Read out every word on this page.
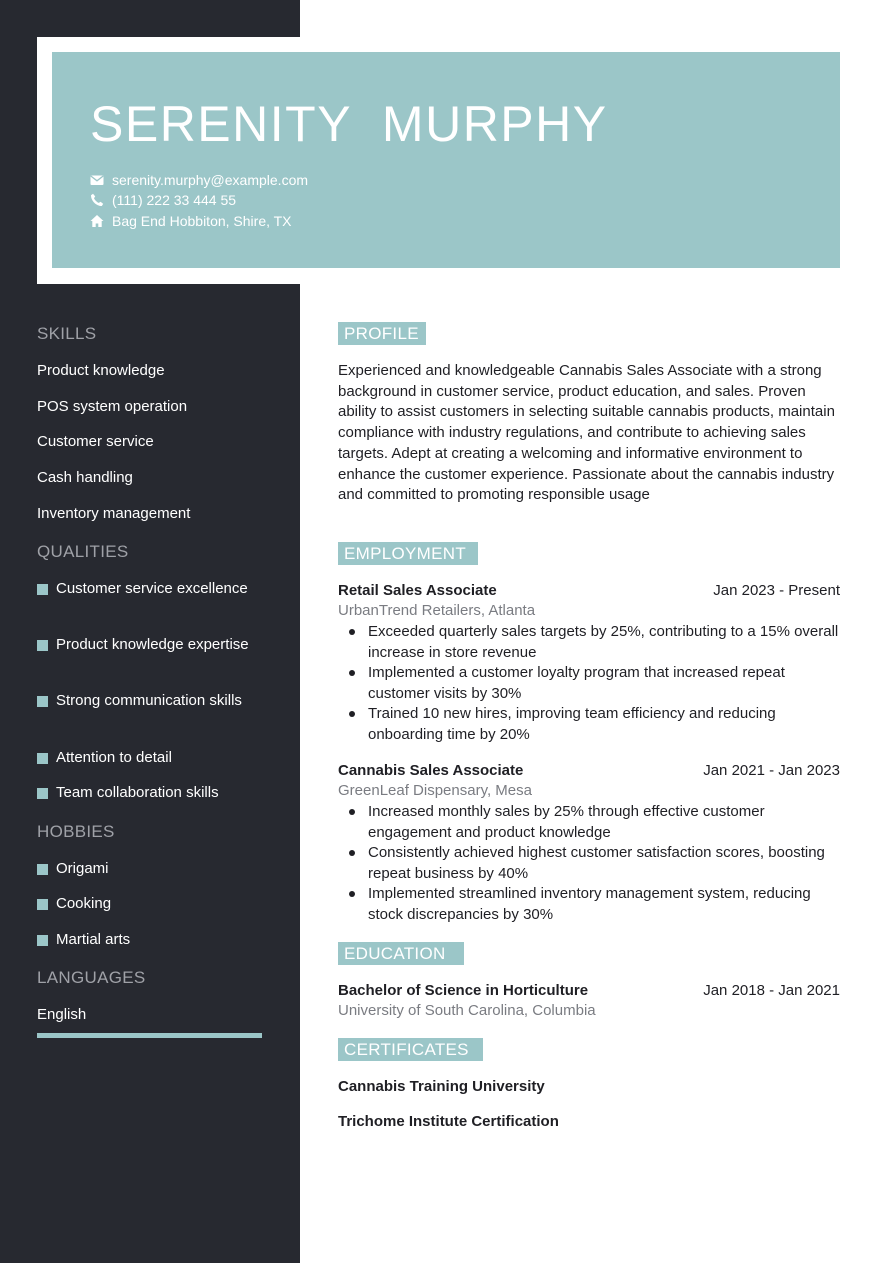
SERENITY  MURPHY
serenity.murphy@example.com
(111) 222 33 444 55
Bag End Hobbiton, Shire, TX
SKILLS
Product knowledge
POS system operation
Customer service
Cash handling
Inventory management
QUALITIES
Customer service excellence
Product knowledge expertise
Strong communication skills
Attention to detail
Team collaboration skills
HOBBIES
Origami
Cooking
Martial arts
LANGUAGES
English
PROFILE

Experienced and knowledgeable Cannabis Sales Associate with a strong background in customer service, product education, and sales. Proven ability to assist customers in selecting suitable cannabis products, maintain compliance with industry regulations, and contribute to achieving sales targets. Adept at creating a welcoming and informative environment to enhance the customer experience. Passionate about the cannabis industry and committed to promoting responsible usage

EMPLOYMENT
Retail Sales Associate	Jan 2023 - Present
UrbanTrend Retailers, Atlanta
Exceeded quarterly sales targets by 25%, contributing to a 15% overall increase in store revenue
Implemented a customer loyalty program that increased repeat customer visits by 30%
Trained 10 new hires, improving team efficiency and reducing onboarding time by 20%
Cannabis Sales Associate	Jan 2021 - Jan 2023
GreenLeaf Dispensary, Mesa
Increased monthly sales by 25% through effective customer engagement and product knowledge
Consistently achieved highest customer satisfaction scores, boosting repeat business by 40%
Implemented streamlined inventory management system, reducing stock discrepancies by 30%
EDUCATION
Bachelor of Science in Horticulture	Jan 2018 - Jan 2021
University of South Carolina, Columbia
CERTIFICATES
Cannabis Training University
Trichome Institute Certification
